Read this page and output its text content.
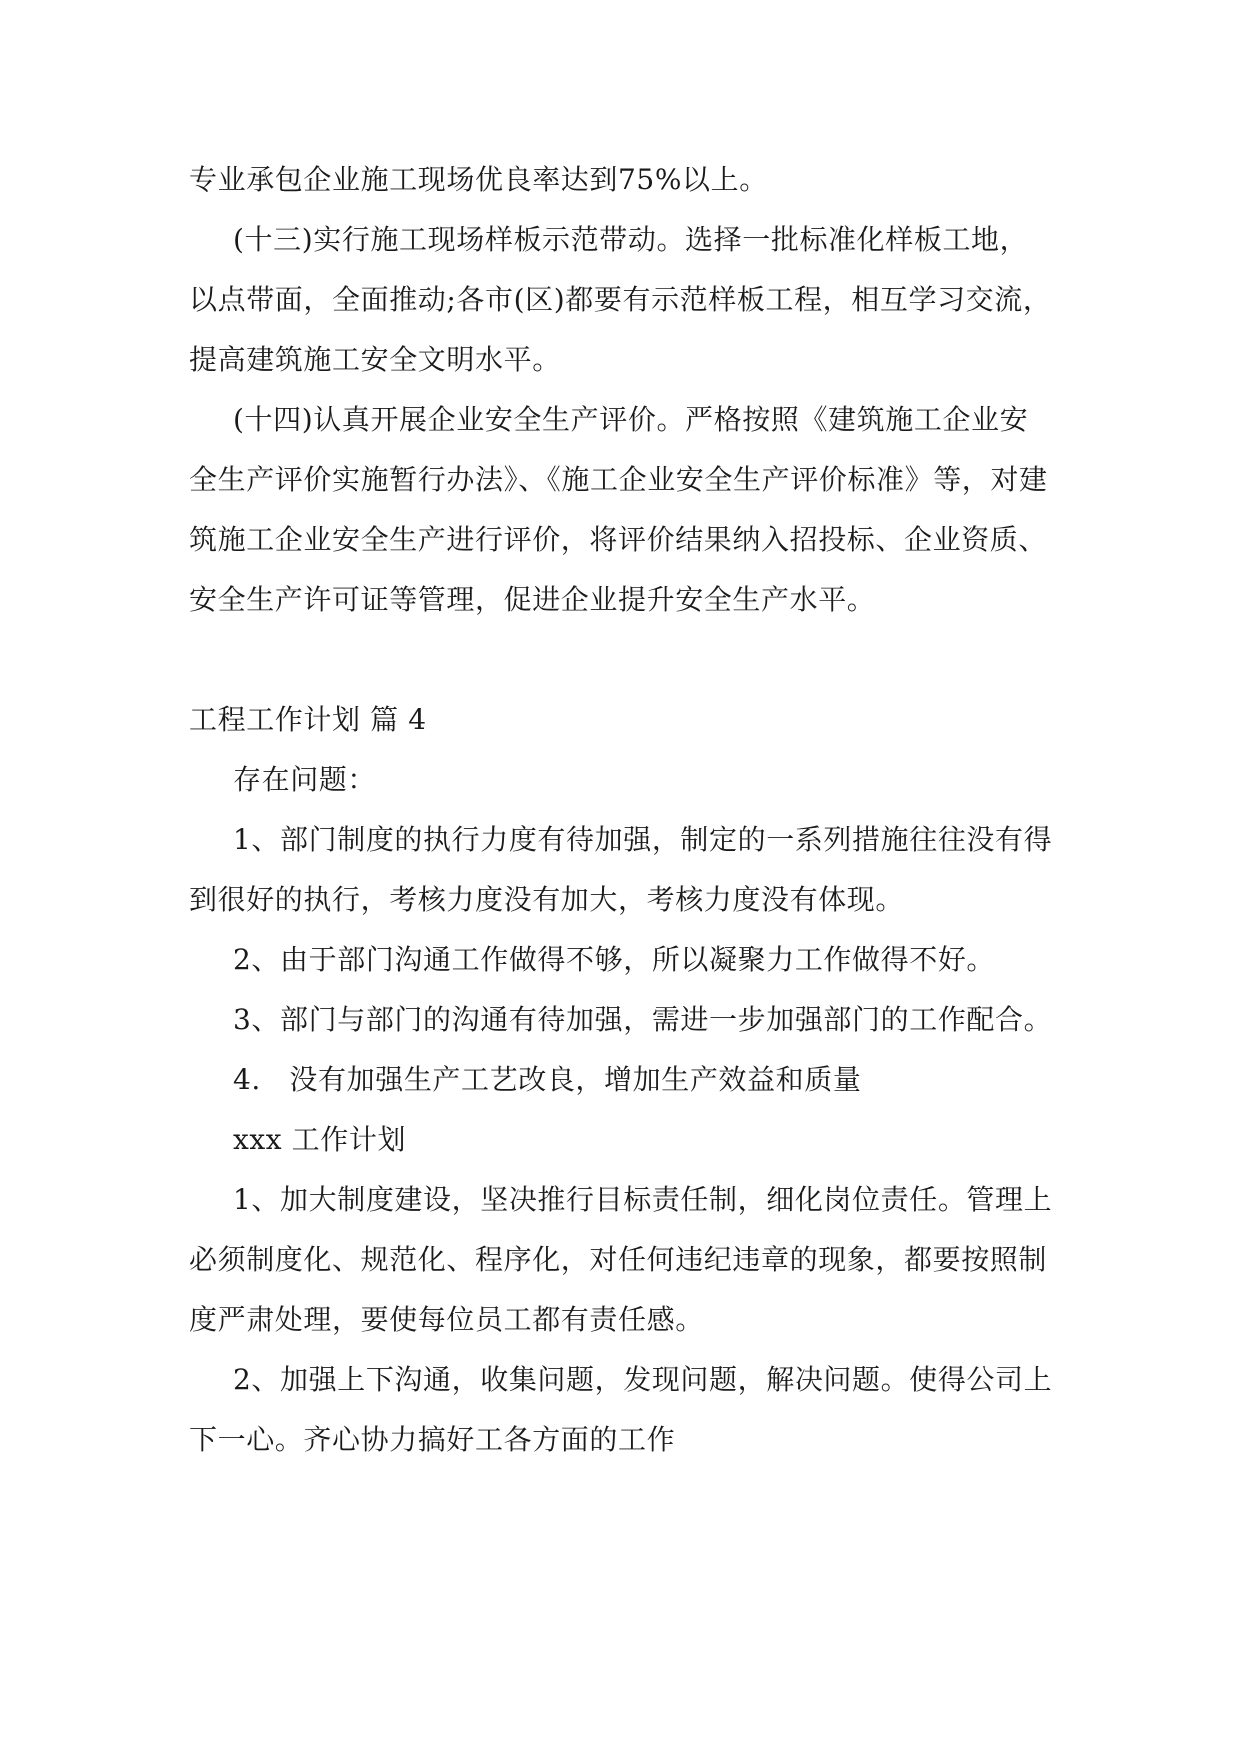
专业承包企业施工现场优良率达到75%以上。
(十三)实行施工现场样板示范带动。选择一批标准化样板工地，
以点带面，全面推动;各市(区)都要有示范样板工程，相互学习交流，
提高建筑施工安全文明水平。
(十四)认真开展企业安全生产评价。严格按照《建筑施工企业安
全生产评价实施暂行办法》、《施工企业安全生产评价标准》等，对建
筑施工企业安全生产进行评价，将评价结果纳入招投标、企业资质、
安全生产许可证等管理，促进企业提升安全生产水平。
工程工作计划 篇 4
存在问题：
1、部门制度的执行力度有待加强，制定的一系列措施往往没有得
到很好的执行，考核力度没有加大，考核力度没有体现。
2、由于部门沟通工作做得不够，所以凝聚力工作做得不好。
3、部门与部门的沟通有待加强，需进一步加强部门的工作配合。
4.   没有加强生产工艺改良，增加生产效益和质量
xxx 工作计划
1、加大制度建设，坚决推行目标责任制，细化岗位责任。管理上
必须制度化、规范化、程序化，对任何违纪违章的现象，都要按照制
度严肃处理，要使每位员工都有责任感。
2、加强上下沟通，收集问题，发现问题，解决问题。使得公司上
下一心。齐心协力搞好工各方面的工作
